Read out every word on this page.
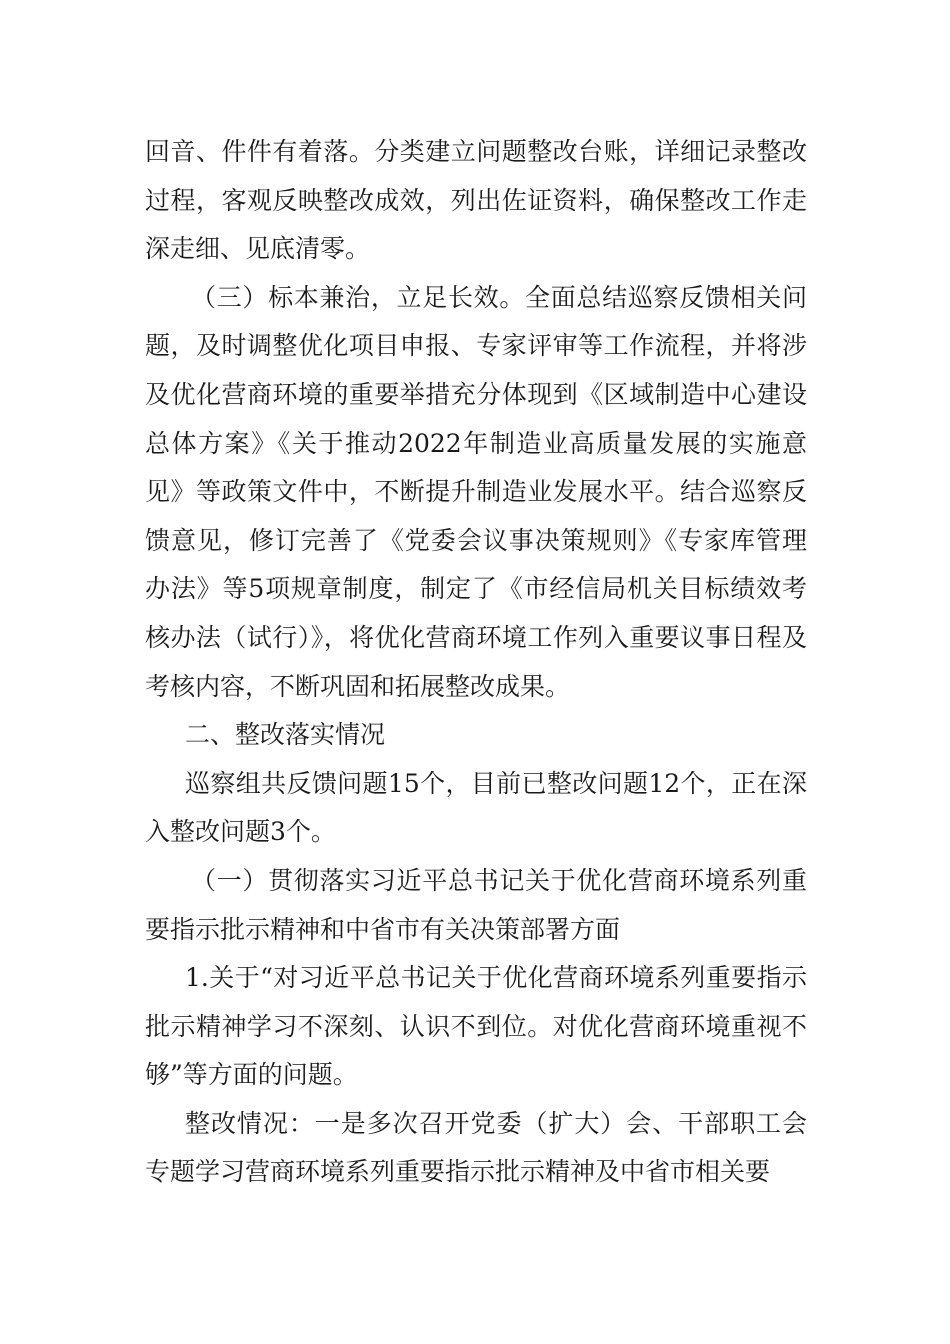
回音、件件有着落。分类建立问题整改台账，详细记录整改过程，客观反映整改成效，列出佐证资料，确保整改工作走深走细、见底清零。

（三）标本兼治，立足长效。全面总结巡察反馈相关问题，及时调整优化项目申报、专家评审等工作流程，并将涉及优化营商环境的重要举措充分体现到《区域制造中心建设总体方案》《关于推动2022年制造业高质量发展的实施意见》等政策文件中，不断提升制造业发展水平。结合巡察反馈意见，修订完善了《党委会议事决策规则》《专家库管理办法》等5项规章制度，制定了《市经信局机关目标绩效考核办法（试行）》，将优化营商环境工作列入重要议事日程及考核内容，不断巩固和拓展整改成果。

二、整改落实情况

巡察组共反馈问题15个，目前已整改问题12个，正在深入整改问题3个。

（一）贯彻落实习近平总书记关于优化营商环境系列重要指示批示精神和中省市有关决策部署方面

1.关于“对习近平总书记关于优化营商环境系列重要指示批示精神学习不深刻、认识不到位。对优化营商环境重视不够”等方面的问题。

整改情况：一是多次召开党委（扩大）会、干部职工会专题学习营商环境系列重要指示批示精神及中省市相关要
